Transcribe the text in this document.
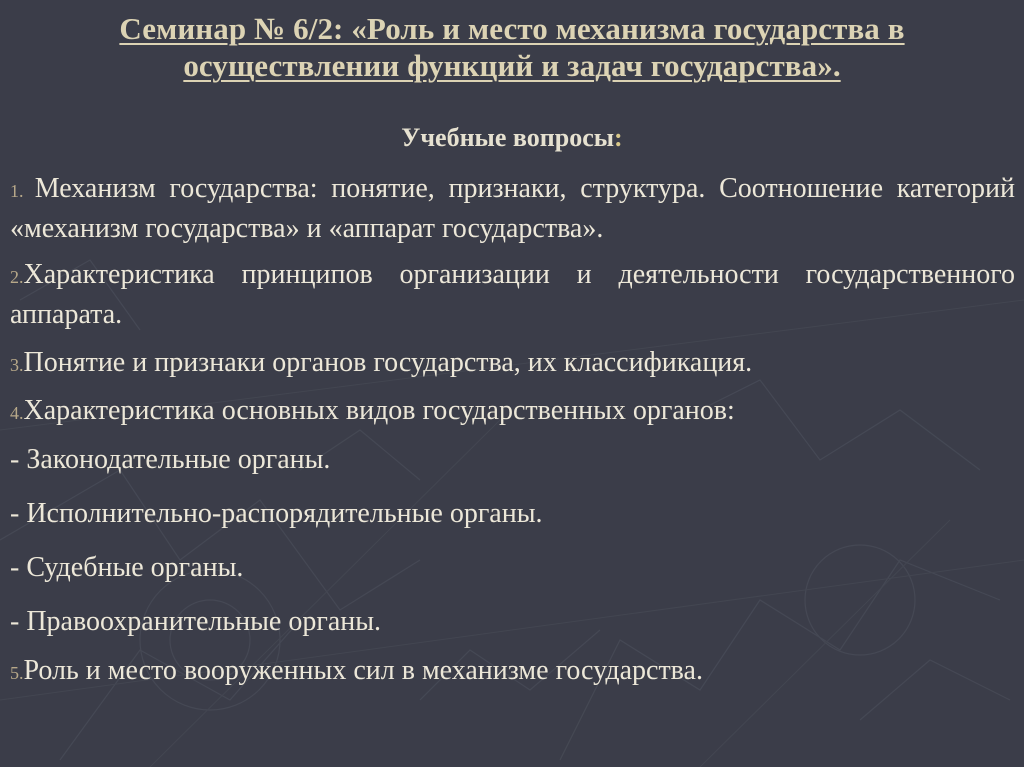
Семинар № 6/2: «Роль и место механизма государства в
осуществлении функций и задач государства».
Учебные вопросы:

1. Механизм государства: понятие, признаки, структура. Соотношение категорий «механизм государства» и «аппарат государства».

2.Характеристика принципов организации и деятельности государственного аппарата.

3.Понятие и признаки органов государства, их классификация.

4.Характеристика основных видов государственных органов:

- Законодательные органы.

- Исполнительно-распорядительные органы.

- Судебные органы.

- Правоохранительные органы.

5.Роль и место вооруженных сил в механизме государства.
